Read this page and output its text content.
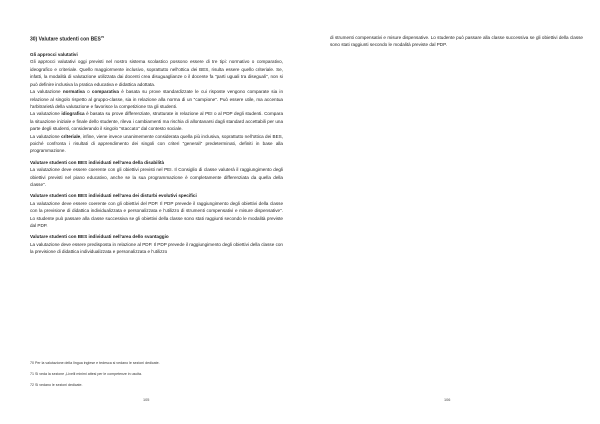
30) Valutare studenti con BES$^{70}$

Gli approcci valutativi

Gli approcci valutativi oggi previsti nel nostro sistema scolastico possono essere di tre tipi: normativo o comparativo, ideografico e criteriale. Quello maggiormente inclusivo, soprattutto nell'ottica dei BES, risulta essere quello criteriale. Se, infatti, la modalità di valutazione utilizzata dai docenti crea disuguaglianze o il docente fa "parti uguali tra diseguali", non si può definire inclusiva la pratica educativa e didattica adottata.

La valutazione normativa o comparativa è basata su prove standardizzate le cui risposte vengono comparate sia in relazione al singolo rispetto al gruppo-classe, sia in relazione alla norma di un "campione". Può essere utile, ma accentua l'arbitrarietà della valutazione e favorisce la competizione tra gli studenti.

La valutazione idiografica è basata su prove differenziate, strutturate in relazione al PEI o al PDP degli studenti. Compara la situazione iniziale e finale dello studente, rileva i cambiamenti ma rischia di allontanarsi dagli standard accettabili per una parte degli studenti, considerando il singolo "staccato" dal contesto sociale.

La valutazione criteriale, infine, viene invece unanimemente considerata quella più inclusiva, soprattutto nell'ottica dei BES, poiché confronta i risultati di apprendimento dei singoli con criteri "generali" predeterminati, definiti in base alla programmazione.

Valutare studenti con BES individuati nell'area della disabilità

La valutazione deve essere coerente con gli obiettivi previsti nel PEI. Il Consiglio di classe valuterà il raggiungimento degli obiettivi previsti nel piano educativo, anche se la sua programmazione è completamente differenziata da quella della classe".

Valutare studenti con BES individuati nell'area dei disturbi evolutivi specifici

La valutazione deve essere coerente con gli obiettivi del PDP. Il PDP prevede il raggiungimento degli obiettivi della classe con la previsione di didattica individualizzata e personalizzata e l'utilizzo di strumenti compensativi e misure dispensative". Lo studente può passare alla classe successiva se gli obiettivi della classe sono stati raggiunti secondo le modalità previste dal PDP.

Valutare studenti con BES individuati nell'area dello svantaggio

La valutazione deve essere predisposta in relazione al PDP. Il PDP prevede il raggiungimento degli obiettivi della classe con la previsione di didattica individualizzata e personalizzata e l'utilizzo

70 Per la valutazione della lingua inglese e tedesca si vedano le sezioni dedicate.
71 Si veda la sezione „Livelli minimi attesi per le competenze in uscita.
72 Si vedano le sezioni dedicate.
105

di strumenti compensativi e misure dispensative. Lo studente può passare alla classe successiva se gli obiettivi della classe sono stati raggiunti secondo le modalità previste dal PDP.

106
